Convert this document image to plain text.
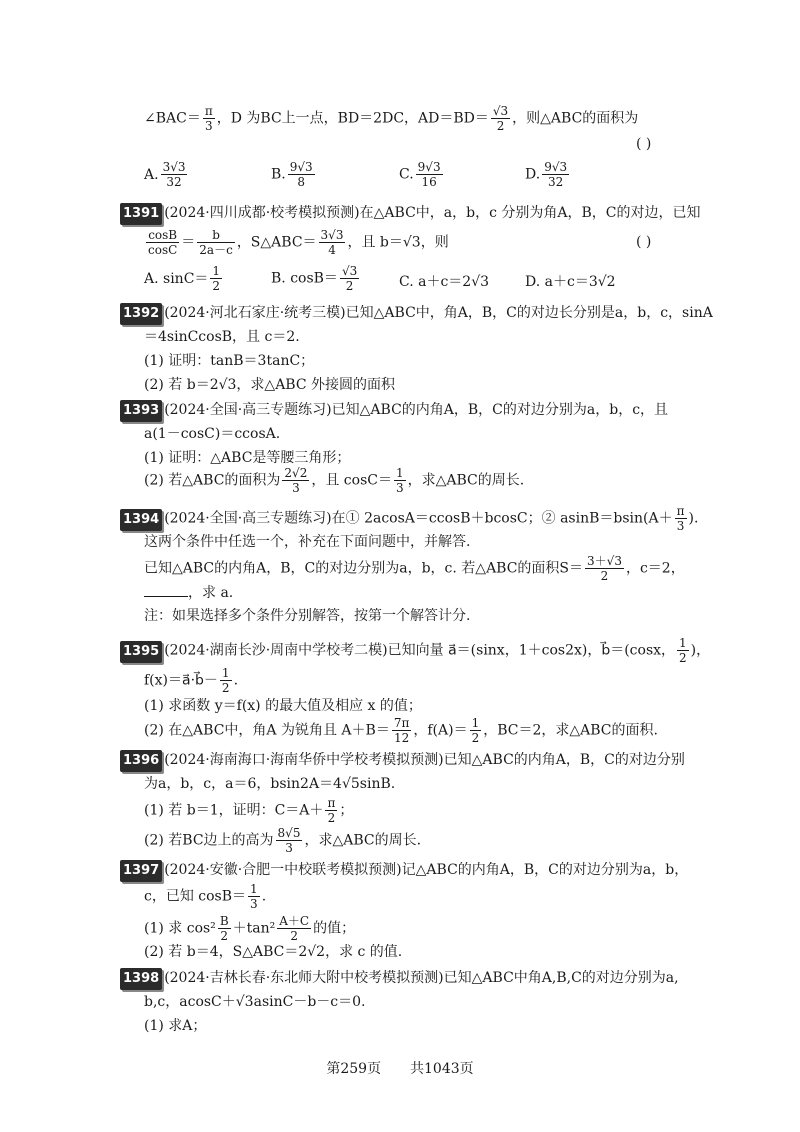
∠BAC＝ $\frac{\pi}{3}$ ，D 为BC上一点，BD＝2DC，$AD=BD= \frac{√3}{2}$ ，则△ABC的面积为
( )
A. $\frac{3√3}{32}$	B. $\frac{9√3}{8}$	C. $\frac{9√3}{16}$	D. $\frac{9√3}{32}$
1391 (2024·四川成都·校考模拟预测)在△ABC中，a，b，c 分别为角A，B，C的对边，已知
$\frac{\cos B}{\cos C} = \frac{b}{2a-c}$ ，S△ABC＝ $\frac{3√3}{4}$ ，且 b＝√3，则	( )
A. $\sin C= \frac{1}{2}$	B. $\cos B= \frac{√3}{2}$	C. a＋c＝2√3	D. a＋c＝3√2
1392 (2024·河北石家庄·统考三模)已知△ABC中，角A，B，C的对边长分别是a，b，c，sinA
＝4sinCcosB，且 c＝2.
(1) 证明：tanB＝3tanC；
(2) 若 b＝2√3，求△ABC 外接圆的面积
1393 (2024·全国·高三专题练习)已知△ABC的内角A，B，C的对边分别为a，b，c，且
a(1－cosC)＝ccosA.
(1) 证明：△ABC是等腰三角形；
(2) 若△ABC的面积为 $\frac{2√2}{3}$ ，且 $\cos C= \frac{1}{3}$ ，求△ABC的周长.
1394 (2024·全国·高三专题练习)在① 2acosA＝ccosB＋bcosC；② $asinB=bsin(A+ \frac{\pi}{3}$ ).
这两个条件中任选一个，补充在下面问题中，并解答.
已知△ABC的内角A，B，C的对边分别为a，b，c. 若△ABC的面积$S= \frac{3+√3}{2}$ ，c＝2，
，求 a.
注：如果选择多个条件分别解答，按第一个解答计分.
1395 (2024·湖南长沙·周南中学校考二模)已知向量 a⃗＝(sinx，1＋cos2x)，b⃗＝(cosx， $\frac{1}{2}$ )，
f(x)＝a⃗·b⃗－ $\frac{1}{2}$ .
(1) 求函数 y＝f(x) 的最大值及相应 x 的值；
(2) 在△ABC中，角A 为锐角且 $A+B= \frac{7\pi}{12}$ ，$f(A)= \frac{1}{2}$ ，BC＝2，求△ABC的面积.
1396 (2024·海南海口·海南华侨中学校考模拟预测)已知△ABC的内角A，B，C的对边分别
为a，b，c，a＝6，bsin2A＝4√5sinB.
(1) 若 b＝1，证明：$C=A+ \frac{\pi}{2}$ ；
(2) 若BC边上的高为 $\frac{8√5}{3}$ ，求△ABC的周长.
1397 (2024·安徽·合肥一中校联考模拟预测)记△ABC的内角A，B，C的对边分别为a，b，
c，已知 $\cos B= \frac{1}{3}$ .
(1) 求 $\cos^2 \frac{B}{2} +\tan^2 \frac{A+C}{2}$ 的值；
(2) 若 b＝4，S△ABC＝2√2，求 c 的值.
1398 (2024·吉林长春·东北师大附中校考模拟预测)已知△ABC中角A,B,C的对边分别为a,
b,c，acosC＋√3asinC－b－c＝0.
(1) 求A；
第259页 共1043页
